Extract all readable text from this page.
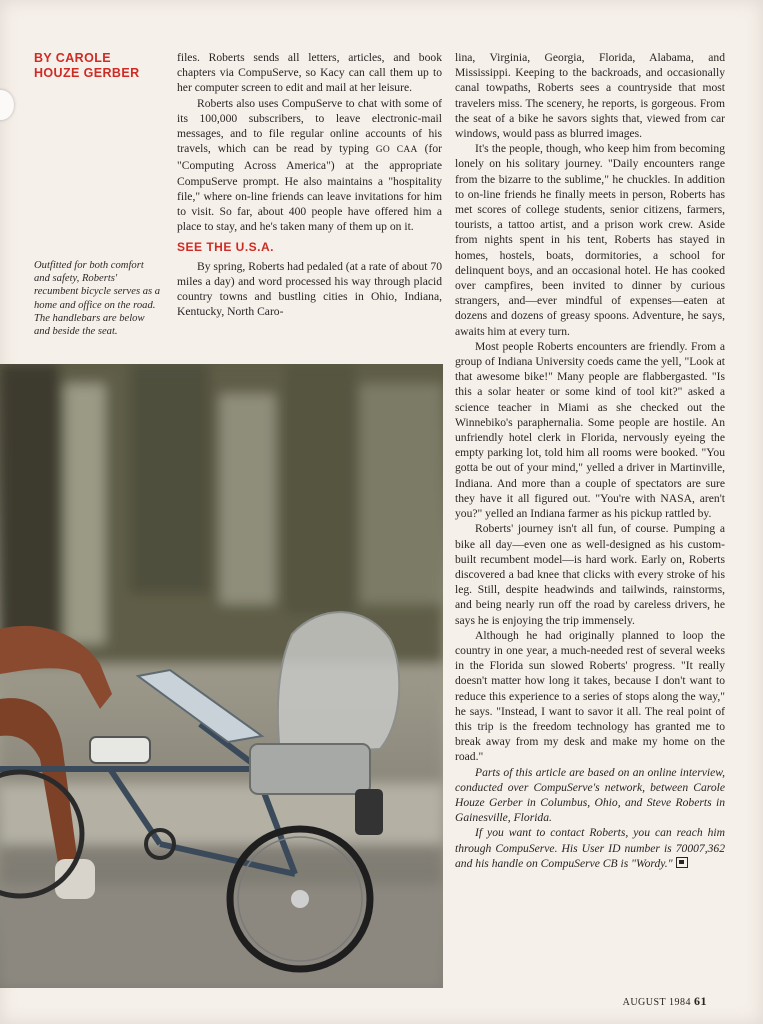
BY CAROLE HOUZE GERBER
Outfitted for both comfort and safety, Roberts' recumbent bicycle serves as a home and office on the road. The handlebars are below and beside the seat.

files. Roberts sends all letters, articles, and book chapters via CompuServe, so Kacy can call them up to her computer screen to edit and mail at her leisure.

Roberts also uses CompuServe to chat with some of its 100,000 subscribers, to leave electronic-mail messages, and to file regular online accounts of his travels, which can be read by typing GO CAA (for "Computing Across America") at the appropriate CompuServe prompt. He also maintains a "hospitality file," where on-line friends can leave invitations for him to visit. So far, about 400 people have offered him a place to stay, and he's taken many of them up on it.

SEE THE U.S.A.

By spring, Roberts had pedaled (at a rate of about 70 miles a day) and word processed his way through placid country towns and bustling cities in Ohio, Indiana, Kentucky, North Caro-

lina, Virginia, Georgia, Florida, Alabama, and Mississippi. Keeping to the backroads, and occasionally canal towpaths, Roberts sees a countryside that most travelers miss. The scenery, he reports, is gorgeous. From the seat of a bike he savors sights that, viewed from car windows, would pass as blurred images.

It's the people, though, who keep him from becoming lonely on his solitary journey. "Daily encounters range from the bizarre to the sublime," he chuckles. In addition to on-line friends he finally meets in person, Roberts has met scores of college students, senior citizens, farmers, tourists, a tattoo artist, and a prison work crew. Aside from nights spent in his tent, Roberts has stayed in homes, hostels, boats, dormitories, a school for delinquent boys, and an occasional hotel. He has cooked over campfires, been invited to dinner by curious strangers, and—ever mindful of expenses—eaten at dozens and dozens of greasy spoons. Adventure, he says, awaits him at every turn.

Most people Roberts encounters are friendly. From a group of Indiana University coeds came the yell, "Look at that awesome bike!" Many people are flabbergasted. "Is this a solar heater or some kind of tool kit?" asked a science teacher in Miami as she checked out the Winnebiko's paraphernalia. Some people are hostile. An unfriendly hotel clerk in Florida, nervously eyeing the empty parking lot, told him all rooms were booked. "You gotta be out of your mind," yelled a driver in Martinville, Indiana. And more than a couple of spectators are sure they have it all figured out. "You're with NASA, aren't you?" yelled an Indiana farmer as his pickup rattled by.

Roberts' journey isn't all fun, of course. Pumping a bike all day—even one as well-designed as his custom-built recumbent model—is hard work. Early on, Roberts discovered a bad knee that clicks with every stroke of his leg. Still, despite headwinds and tailwinds, rainstorms, and being nearly run off the road by careless drivers, he says he is enjoying the trip immensely.

Although he had originally planned to loop the country in one year, a much-needed rest of several weeks in the Florida sun slowed Roberts' progress. "It really doesn't matter how long it takes, because I don't want to reduce this experience to a series of stops along the way," he says. "Instead, I want to savor it all. The real point of this trip is the freedom technology has granted me to break away from my desk and make my home on the road."

Parts of this article are based on an online interview, conducted over CompuServe's network, between Carole Houze Gerber in Columbus, Ohio, and Steve Roberts in Gainesville, Florida.

If you want to contact Roberts, you can reach him through CompuServe. His User ID number is 70007,362 and his handle on CompuServe CB is "Wordy."

AUGUST 1984 61
